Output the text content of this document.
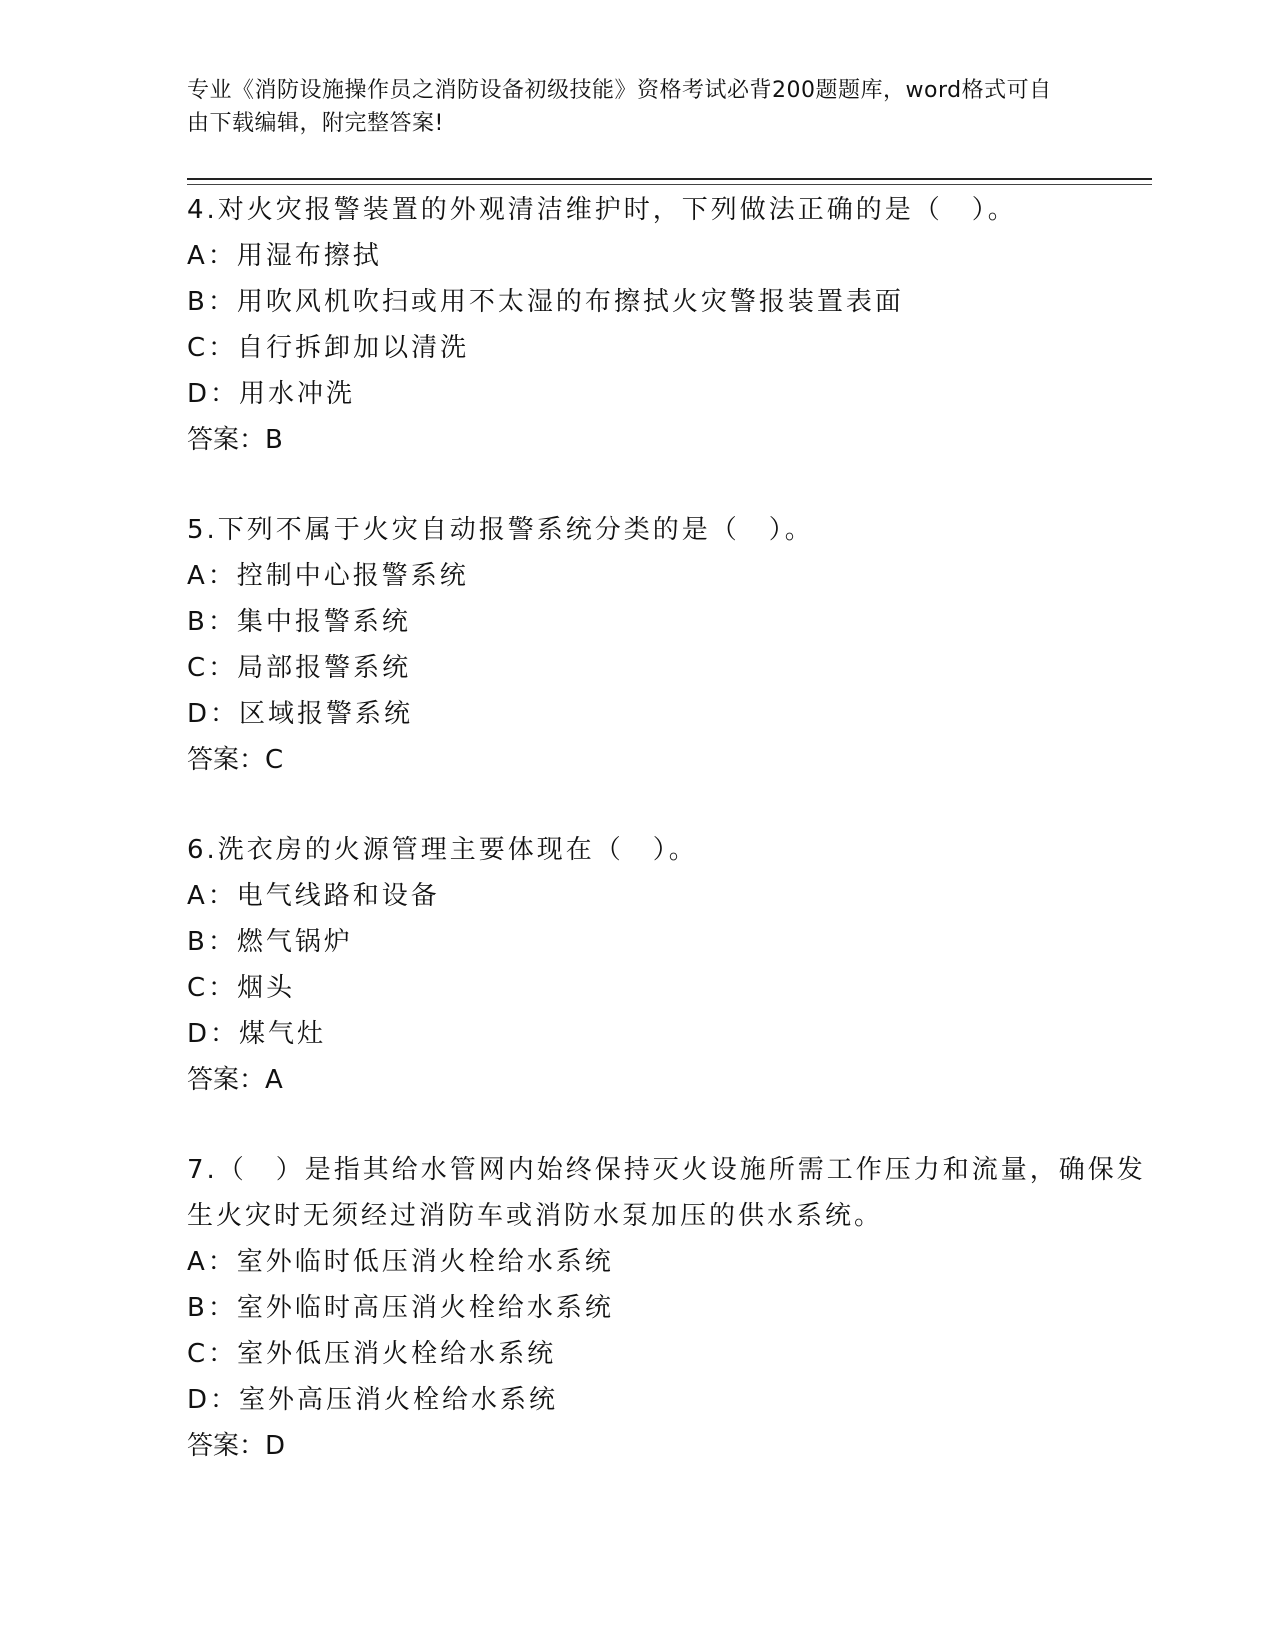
专业《消防设施操作员之消防设备初级技能》资格考试必背200题题库，word格式可自由下载编辑，附完整答案!

4.对火灾报警装置的外观清洁维护时，下列做法正确的是（　）。

A：用湿布擦拭

B：用吹风机吹扫或用不太湿的布擦拭火灾警报装置表面

C：自行拆卸加以清洗

D：用水冲洗

答案：B

5.下列不属于火灾自动报警系统分类的是（　）。

A：控制中心报警系统

B：集中报警系统

C：局部报警系统

D：区域报警系统

答案：C

6.洗衣房的火源管理主要体现在（　）。

A：电气线路和设备

B：燃气锅炉

C：烟头

D：煤气灶

答案：A

7.（　）是指其给水管网内始终保持灭火设施所需工作压力和流量，确保发生火灾时无须经过消防车或消防水泵加压的供水系统。

A：室外临时低压消火栓给水系统

B：室外临时高压消火栓给水系统

C：室外低压消火栓给水系统

D：室外高压消火栓给水系统

答案：D
